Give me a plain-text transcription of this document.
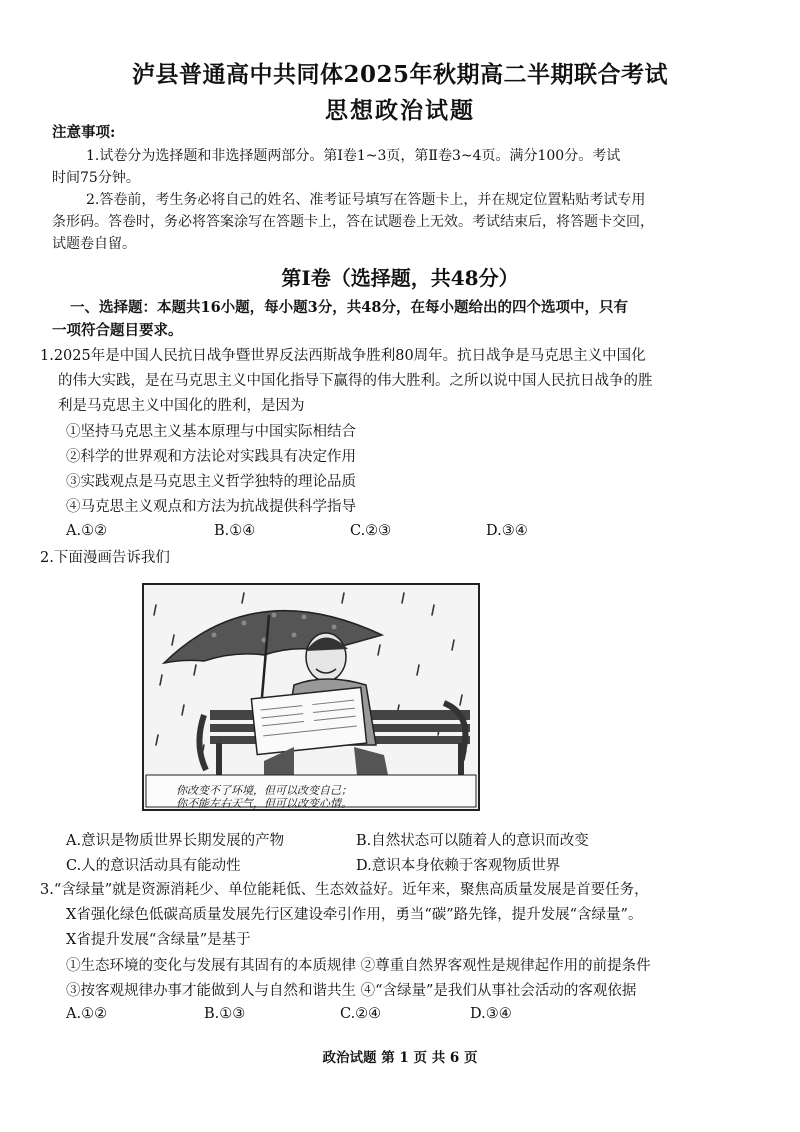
泸县普通高中共同体2025年秋期高二半期联合考试
思想政治试题
注意事项:
1.试卷分为选择题和非选择题两部分。第Ⅰ卷1~3页，第Ⅱ卷3~4页。满分100分。考试
时间75分钟。
2.答卷前，考生务必将自己的姓名、准考证号填写在答题卡上，并在规定位置粘贴考试专用
条形码。答卷时，务必将答案涂写在答题卡上，答在试题卷上无效。考试结束后，将答题卡交回，
试题卷自留。
第Ⅰ卷（选择题，共48分）
一、选择题：本题共16小题，每小题3分，共48分，在每小题给出的四个选项中，只有
一项符合题目要求。
1.2025年是中国人民抗日战争暨世界反法西斯战争胜利80周年。抗日战争是马克思主义中国化
的伟大实践，是在马克思主义中国化指导下赢得的伟大胜利。之所以说中国人民抗日战争的胜
利是马克思主义中国化的胜利，是因为
①坚持马克思主义基本原理与中国实际相结合
②科学的世界观和方法论对实践具有决定作用
③实践观点是马克思主义哲学独特的理论品质
④马克思主义观点和方法为抗战提供科学指导
A.①②	B.①④	C.②③	D.③④
2.下面漫画告诉我们
你改变不了环境，但可以改变自己；
你不能左右天气，但可以改变心情。
A.意识是物质世界长期发展的产物	B.自然状态可以随着人的意识而改变
C.人的意识活动具有能动性	D.意识本身依赖于客观物质世界
3.“含绿量”就是资源消耗少、单位能耗低、生态效益好。近年来，聚焦高质量发展是首要任务，
X省强化绿色低碳高质量发展先行区建设牵引作用，勇当“碳”路先锋，提升发展“含绿量”。
X省提升发展“含绿量”是基于
①生态环境的变化与发展有其固有的本质规律 ②尊重自然界客观性是规律起作用的前提条件
③按客观规律办事才能做到人与自然和谐共生 ④“含绿量”是我们从事社会活动的客观依据
A.①②	B.①③	C.②④	D.③④
政治试题 第 1 页 共 6 页
